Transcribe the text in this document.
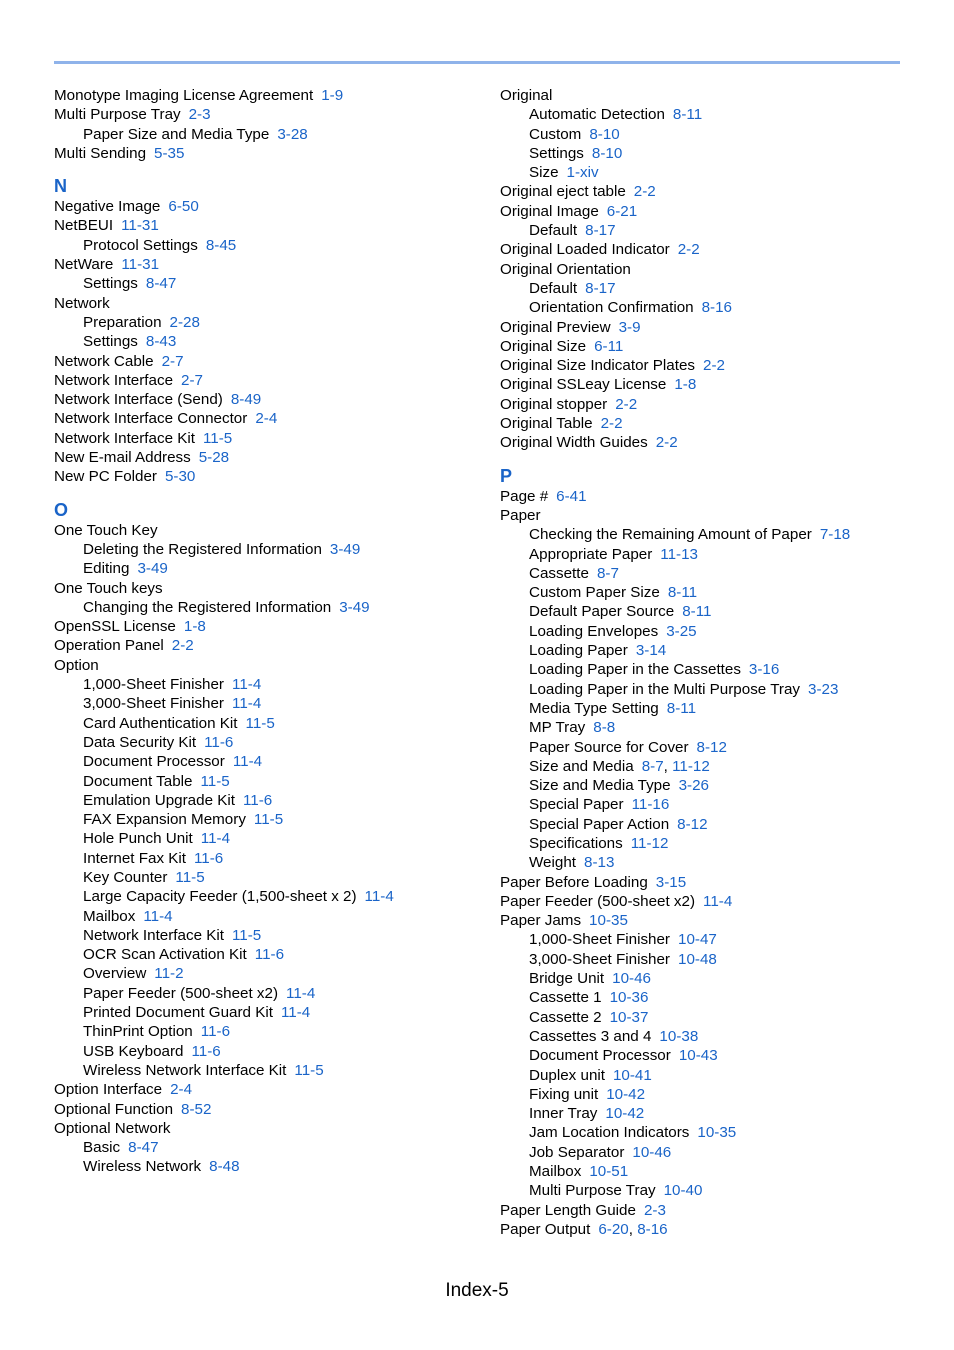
Monotype Imaging License Agreement 1-9
Multi Purpose Tray 2-3
Paper Size and Media Type 3-28
Multi Sending 5-35
N
Negative Image 6-50
NetBEUI 11-31
Protocol Settings 8-45
NetWare 11-31
Settings 8-47
Network
Preparation 2-28
Settings 8-43
Network Cable 2-7
Network Interface 2-7
Network Interface (Send) 8-49
Network Interface Connector 2-4
Network Interface Kit 11-5
New E-mail Address 5-28
New PC Folder 5-30
O
One Touch Key
Deleting the Registered Information 3-49
Editing 3-49
One Touch keys
Changing the Registered Information 3-49
OpenSSL License 1-8
Operation Panel 2-2
Option
1,000-Sheet Finisher 11-4
3,000-Sheet Finisher 11-4
Card Authentication Kit 11-5
Data Security Kit 11-6
Document Processor 11-4
Document Table 11-5
Emulation Upgrade Kit 11-6
FAX Expansion Memory 11-5
Hole Punch Unit 11-4
Internet Fax Kit 11-6
Key Counter 11-5
Large Capacity Feeder (1,500-sheet x 2) 11-4
Mailbox 11-4
Network Interface Kit 11-5
OCR Scan Activation Kit 11-6
Overview 11-2
Paper Feeder (500-sheet x2) 11-4
Printed Document Guard Kit 11-4
ThinPrint Option 11-6
USB Keyboard 11-6
Wireless Network Interface Kit 11-5
Option Interface 2-4
Optional Function 8-52
Optional Network
Basic 8-47
Wireless Network 8-48
Original
Automatic Detection 8-11
Custom 8-10
Settings 8-10
Size 1-xiv
Original eject table 2-2
Original Image 6-21
Default 8-17
Original Loaded Indicator 2-2
Original Orientation
Default 8-17
Orientation Confirmation 8-16
Original Preview 3-9
Original Size 6-11
Original Size Indicator Plates 2-2
Original SSLeay License 1-8
Original stopper 2-2
Original Table 2-2
Original Width Guides 2-2
P
Page # 6-41
Paper
Checking the Remaining Amount of Paper 7-18
Appropriate Paper 11-13
Cassette 8-7
Custom Paper Size 8-11
Default Paper Source 8-11
Loading Envelopes 3-25
Loading Paper 3-14
Loading Paper in the Cassettes 3-16
Loading Paper in the Multi Purpose Tray 3-23
Media Type Setting 8-11
MP Tray 8-8
Paper Source for Cover 8-12
Size and Media 8-7, 11-12
Size and Media Type 3-26
Special Paper 11-16
Special Paper Action 8-12
Specifications 11-12
Weight 8-13
Paper Before Loading 3-15
Paper Feeder (500-sheet x2) 11-4
Paper Jams 10-35
1,000-Sheet Finisher 10-47
3,000-Sheet Finisher 10-48
Bridge Unit 10-46
Cassette 1 10-36
Cassette 2 10-37
Cassettes 3 and 4 10-38
Document Processor 10-43
Duplex unit 10-41
Fixing unit 10-42
Inner Tray 10-42
Jam Location Indicators 10-35
Job Separator 10-46
Mailbox 10-51
Multi Purpose Tray 10-40
Paper Length Guide 2-3
Paper Output 6-20, 8-16
Index-5
